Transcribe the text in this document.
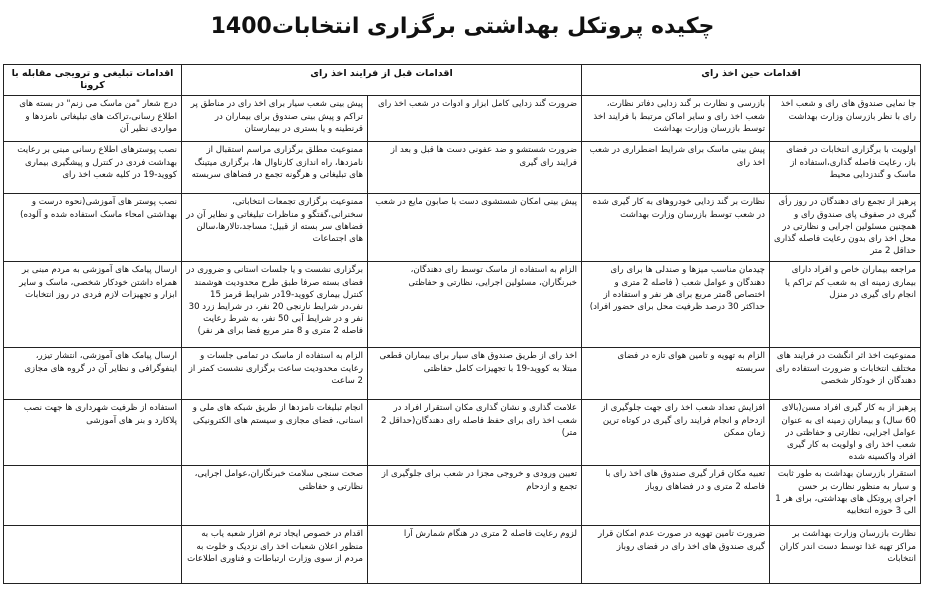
چکیده پروتکل بهداشتی برگزاری انتخابات1400
اقدامات حین اخذ رای		اقدامات قبل از فرایند اخذ رای		اقدامات تبلیغی و ترویجی مقابله با کرونا
جا نمایی صندوق های رای و شعب اخذ رای با نظر بازرسان وزارت بهداشت	بازرسی و نظارت بر گند زدایی دفاتر نظارت، شعب اخذ رای و سایر اماکن مرتبط با فرایند اخذ توسط بازرسان وزارت بهداشت	ضرورت گند زدایی کامل ابزار و ادوات در شعب اخذ رای	پیش بینی شعب سیار برای اخذ رای در مناطق پر تراکم و پیش بینی صندوق برای بیماران در قرنطینه و یا بستری در بیمارستان	درج شعار "من ماسک می زنم" در بسته های اطلاع رسانی،تراکت های تبلیغاتی نامزدها و مواردی نظیر آن
اولویت با برگزاری انتخابات در فضای باز، رعایت فاصله گذاری،استفاده از ماسک و گندزدایی محیط	پیش بینی ماسک برای شرایط اضطراری در شعب اخذ رای	ضرورت شستشو و ضد عفونی دست ها قبل و بعد از فرایند رای گیری	ممنوعیت مطلق برگزاری مراسم استقبال از نامزدها، راه اندازی کارناوال ها، برگزاری میتینگ های تبلیغاتی و هرگونه تجمع در فضاهای سربسته	نصب پوسترهای اطلاع رسانی مبنی بر رعایت بهداشت فردی در کنترل و پیشگیری بیماری کووید-19 در کلیه شعب اخذ رای
پرهیز از تجمع رای دهندگان در روز رأی گیری در صفوف پای صندوق رای و همچنین مسئولین اجرایی و نظارتی در محل اخذ رای بدون رعایت فاصله گذاری حداقل 2 متر	نظارت بر گند زدایی خودروهای به کار گیری شده در شعب توسط بازرسان وزارت بهداشت	پیش بینی امکان شستشوی دست با صابون مایع در شعب	ممنوعیت برگزاری تجمعات انتخاباتی، سخنرانی،گفتگو و مناظرات تبلیغاتی و نظایر آن در فضاهای سر بسته از قبیل: مساجد،تالارها،سالن های اجتماعات	نصب پوستر های آموزشی(نحوه درست و بهداشتی امحاء ماسک استفاده شده و آلوده)
مراجعه بیماران خاص و افراد دارای بیماری زمینه ای به شعب کم تراکم یا انجام رای گیری در منزل	چیدمان مناسب میزها و صندلی ها برای رای دهندگان و عوامل شعب ( فاصله 2 متری و اختصاص 8متر مربع برای هر نفر و استفاده از حداکثر 30 درصد ظرفیت محل برای حضور افراد)	الزام به استفاده از ماسک توسط رای دهندگان، خبرنگاران، مسئولین اجرایی، نظارتی و حفاظتی	برگزاری نشست و یا جلسات استانی و ضروری در فضای بسته صرفا طبق طرح محدودیت هوشمند کنترل بیماری کووید-19در شرایط قرمز 15 نفر،در شرایط نارنجی 20 نفر، در شرایط زرد 30 نفر و در شرایط آبی 50 نفر، به شرط رعایت فاصله 2 متری و 8 متر مربع فضا برای هر نفر)	ارسال پیامک های آموزشی به مردم مبنی بر همراه داشتن خودکار شخصی، ماسک و سایر ابزار و تجهیزات لازم فردی در روز انتخابات
ممنوعیت اخذ اثر انگشت در فرایند های مختلف انتخابات و ضرورت استفاده رای دهندگان از خودکار شخصی	الزام به تهویه و تامین هوای تازه در فضای سربسته	اخذ رای از طریق صندوق های سیار برای بیماران قطعی مبتلا به کووید-19 با تجهیزات کامل حفاظتی	الزام به استفاده از ماسک در تمامی جلسات و رعایت محدودیت ساعت برگزاری نشست کمتر از 2 ساعت	ارسال پیامک های آموزشی، انتشار تیزر، اینفوگرافی و نظایر آن در گروه های مجازی
پرهیز از به کار گیری افراد مسن(بالای 60 سال) و بیماران زمینه ای به عنوان عوامل اجرایی، نظارتی و حفاظتی در شعب اخذ رای و اولویت به کار گیری افراد واکسینه شده	افزایش تعداد شعب اخذ رای جهت جلوگیری از ازدحام و انجام فرایند رای گیری در کوتاه ترین زمان ممکن	علامت گذاری و نشان گذاری مکان استقرار افراد در شعب اخذ رای برای حفظ فاصله رای دهندگان(حداقل 2 متر)	انجام تبلیغات نامزدها از طریق شبکه های ملی و استانی، فضای مجازی و سیستم های الکترونیکی	استفاده از ظرفیت شهرداری ها جهت نصب پلاکارد و بنر های آموزشی
استقرار بازرسان بهداشت به طور ثابت و سیار به منظور نظارت بر حسن اجرای پروتکل های بهداشتی، برای هر 1 الی 3 حوزه انتخابیه	تعبیه مکان قرار گیری صندوق های اخذ رای با فاصله 2 متری و در فضاهای روباز	تعیین ورودی و خروجی مجزا در شعب برای جلوگیری از تجمع و ازدحام	صحت سنجی سلامت خبرنگاران،عوامل اجرایی، نظارتی و حفاظتی	
نظارت بازرسان وزارت بهداشت بر مراکز تهیه غذا توسط دست اندر کاران انتخابات	ضرورت تامین تهویه در صورت عدم امکان قرار گیری صندوق های اخذ رای در فضای روباز	لزوم رعایت فاصله 2 متری در هنگام شمارش آرا	اقدام در خصوص ایجاد ترم افزار شعبه یاب به منظور اعلان شعبات اخذ رای نزدیک و خلوت به مردم از سوی وزارت ارتباطات و فناوری اطلاعات	
